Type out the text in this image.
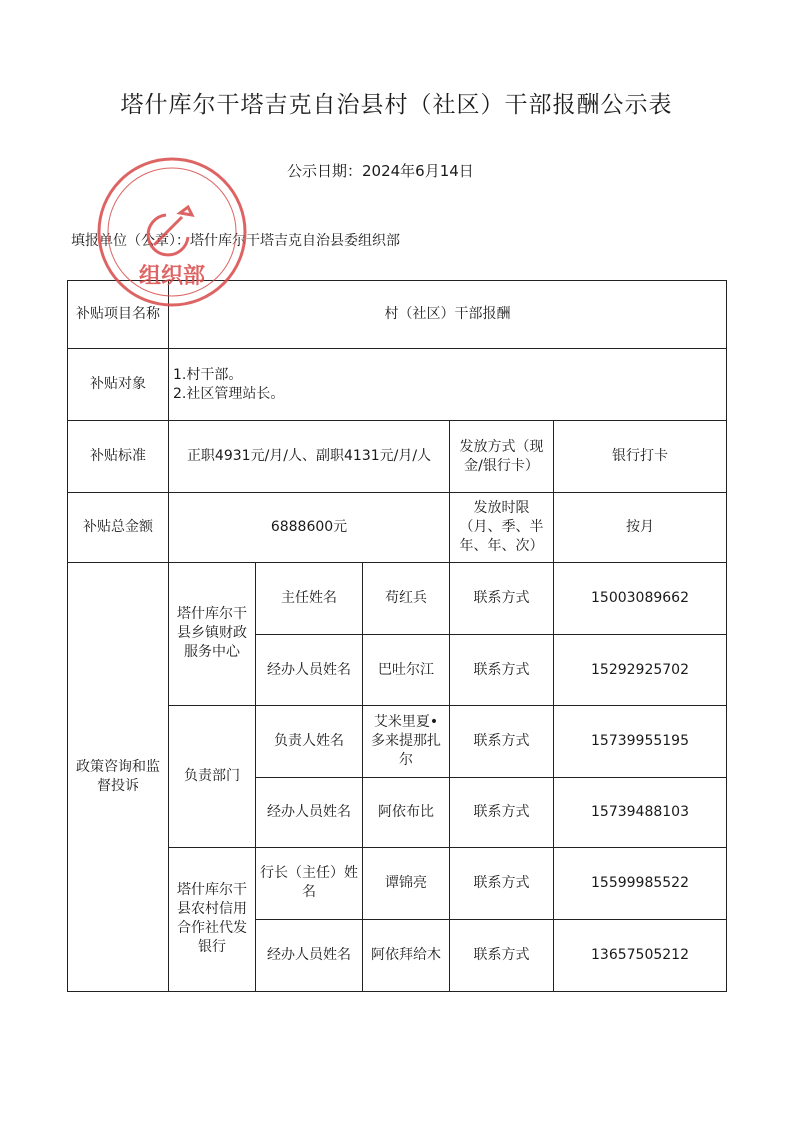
塔什库尔干塔吉克自治县村（社区）干部报酬公示表
公示日期：2024年6月14日
填报单位（公章）：塔什库尔干塔吉克自治县委组织部
补贴项目名称	村（社区）干部报酬				
补贴对象	1.村干部。
2.社区管理站长。				

补贴标准	正职4931元/月/人、副职4131元/月/人			发放方式（现金/银行卡）	银行打卡
补贴总金额	6888600元			发放时限（月、季、半年、年、次）	按月
政策咨询和监督投诉	塔什库尔干县乡镇财政服务中心	主任姓名	苟红兵	联系方式	15003089662
		经办人员姓名	巴吐尔江	联系方式	15292925702
	负责部门	负责人姓名	艾米里夏•多来提那扎尔	联系方式	15739955195
		经办人员姓名	阿依布比	联系方式	15739488103
	塔什库尔干县农村信用合作社代发银行	行长（主任）姓名	谭锦亮	联系方式	15599985522
		经办人员姓名	阿依拜给木	联系方式	13657505212
组织部
